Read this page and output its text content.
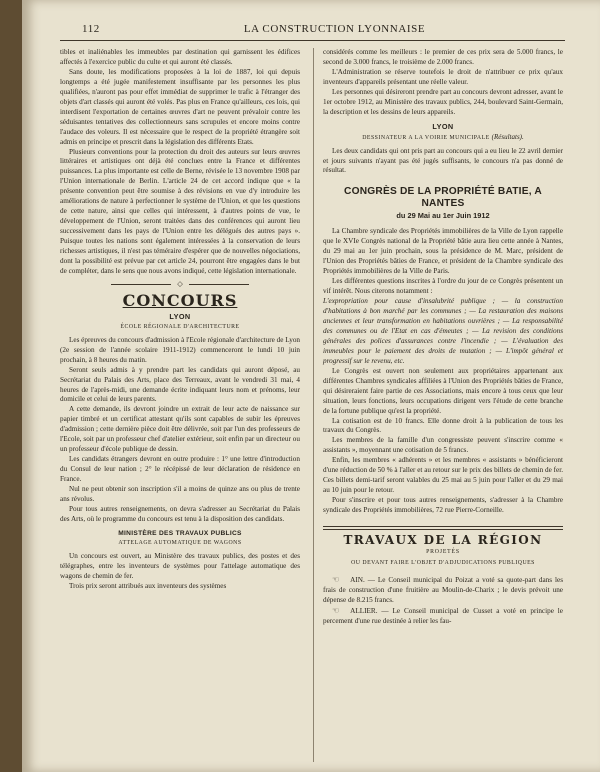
112	LA CONSTRUCTION LYONNAISE

tibles et inaliénables les immeubles par destination qui garnissent les édifices affectés à l'exercice public du culte et qui auront été classés.

Sans doute, les modifications proposées à la loi de 1887, loi qui depuis longtemps a été jugée manifestement insuffisante par les personnes les plus qualifiées, n'auront pas pour effet immédiat de supprimer le trafic à l'étranger des objets d'art classés qui auront été volés. Pas plus en France qu'ailleurs, ces lois, qui interdisent l'exportation de certaines œuvres d'art ne peuvent prévaloir contre les séduisantes tentatives des collectionneurs sans scrupules et encore moins contre l'audace des voleurs. Il est nécessaire que le respect de la propriété étrangère soit admis en principe et prescrit dans la législation des différents Etats.

Plusieurs conventions pour la protection du droit des auteurs sur leurs œuvres littéraires et artistiques ont déjà été conclues entre la France et différentes puissances. La plus importante est celle de Berne, révisée le 13 novembre 1908 par l'Union internationale de Berlin. L'article 24 de cet accord indique que « la présente convention peut être soumise à des révisions en vue d'y introduire les améliorations de nature à perfectionner le système de l'Union, et que les questions de cette nature, ainsi que celles qui intéressent, à d'autres points de vue, le développement de l'Union, seront traitées dans des conférences qui auront lieu successivement dans les pays de l'Union entre les délégués des autres pays ». Puisque toutes les nations sont également intéressées à la conservation de leurs richesses artistiques, il n'est pas téméraire d'espérer que de nouvelles négociations, dont la possibilité est prévue par cet article 24, pourront être engagées dans le but de compléter, dans le sens que nous avons indiqué, cette législation internationale.

◇
CONCOURS
LYON
ÉCOLE RÉGIONALE D'ARCHITECTURE

Les épreuves du concours d'admission à l'Ecole régionale d'architecture de Lyon (2e session de l'année scolaire 1911-1912) commenceront le lundi 10 juin prochain, à 8 heures du matin.

Seront seuls admis à y prendre part les candidats qui auront déposé, au Secrétariat du Palais des Arts, place des Terreaux, avant le vendredi 31 mai, 4 heures de l'après-midi, une demande écrite indiquant leurs nom et prénoms, leur domicile et celui de leurs parents.

A cette demande, ils devront joindre un extrait de leur acte de naissance sur papier timbré et un certificat attestant qu'ils sont capables de subir les épreuves d'admission ; cette dernière pièce doit être délivrée, soit par l'un des professeurs de l'Ecole, soit par un professeur chef d'atelier extérieur, soit enfin par un directeur ou un professeur d'école publique de dessin.

Les candidats étrangers devront en outre produire : 1° une lettre d'introduction du Consul de leur nation ; 2° le récépissé de leur déclaration de résidence en France.

Nul ne peut obtenir son inscription s'il a moins de quinze ans ou plus de trente ans révolus.

Pour tous autres renseignements, on devra s'adresser au Secrétariat du Palais des Arts, où le programme du concours est tenu à la disposition des candidats.

MINISTÈRE DES TRAVAUX PUBLICS
ATTELAGE AUTOMATIQUE DE WAGONS

Un concours est ouvert, au Ministère des travaux publics, des postes et des télégraphes, entre les inventeurs de systèmes pour l'attelage automatique des wagons de chemin de fer.

Trois prix seront attribués aux inventeurs des systèmes

considérés comme les meilleurs : le premier de ces prix sera de 5.000 francs, le second de 3.000 francs, le troisième de 2.000 francs.

L'Administration se réserve toutefois le droit de n'attribuer ce prix qu'aux inventeurs d'appareils présentant une réelle valeur.

Les personnes qui désireront prendre part au concours devront adresser, avant le 1er octobre 1912, au Ministère des travaux publics, 244, boulevard Saint-Germain, la description et les dessins de leurs appareils.

LYON
DESSINATEUR A LA VOIRIE MUNICIPALE (Résultats).

Les deux candidats qui ont pris part au concours qui a eu lieu le 22 avril dernier et jours suivants n'ayant pas été jugés suffisants, le concours n'a pas donné de résultat.

CONGRÈS DE LA PROPRIÉTÉ BATIE, A NANTES
du 29 Mai au 1er Juin 1912

La Chambre syndicale des Propriétés immobilières de la Ville de Lyon rappelle que le XVIe Congrès national de la Propriété bâtie aura lieu cette année à Nantes, du 29 mai au 1er juin prochain, sous la présidence de M. Marc, président de l'Union des Propriétés bâties de France, et président de la Chambre syndicale des Propriétés immobilières de la Ville de Paris.

Les différentes questions inscrites à l'ordre du jour de ce Congrès présentent un vif intérêt. Nous citerons notamment :

L'expropriation pour cause d'insalubrité publique ; — la construction d'habitations à bon marché par les communes ; — La restauration des maisons anciennes et leur transformation en habitations ouvrières ; — La responsabilité des communes ou de l'Etat en cas d'émeutes ; — La revision des conditions générales des polices d'assurances contre l'incendie ; — L'évaluation des immeubles pour le paiement des droits de mutation ; — L'impôt général et progressif sur le revenu, etc.

Le Congrès est ouvert non seulement aux propriétaires appartenant aux différentes Chambres syndicales affiliées à l'Union des Propriétés bâties de France, qui désireraient faire partie de ces Associations, mais encore à tous ceux que leur situation, leurs fonctions, leurs occupations dirigent vers l'étude de cette branche de la fortune publique qu'est la propriété.

La cotisation est de 10 francs. Elle donne droit à la publication de tous les travaux du Congrès.

Les membres de la famille d'un congressiste peuvent s'inscrire comme « assistants », moyennant une cotisation de 5 francs.

Enfin, les membres « adhérents » et les membres « assistants » bénéficieront d'une réduction de 50 % à l'aller et au retour sur le prix des billets de chemin de fer. Ces billets demi-tarif seront valables du 25 mai au 5 juin pour l'aller et du 29 mai au 10 juin pour le retour.

Pour s'inscrire et pour tous autres renseignements, s'adresser à la Chambre syndicale des Propriétés immobilières, 72 rue Pierre-Corneille.

TRAVAUX DE LA RÉGION
PROJETÉS
OU DEVANT FAIRE L'OBJET D'ADJUDICATIONS PUBLIQUES

☞ AIN. — Le Conseil municipal du Poizat a voté sa quote-part dans les frais de construction d'une fruitière au Moulin-de-Charix ; le devis prévoit une dépense de 8.215 francs.

☞ ALLIER. — Le Conseil municipal de Cusset a voté en principe le percement d'une rue destinée à relier les fau-
